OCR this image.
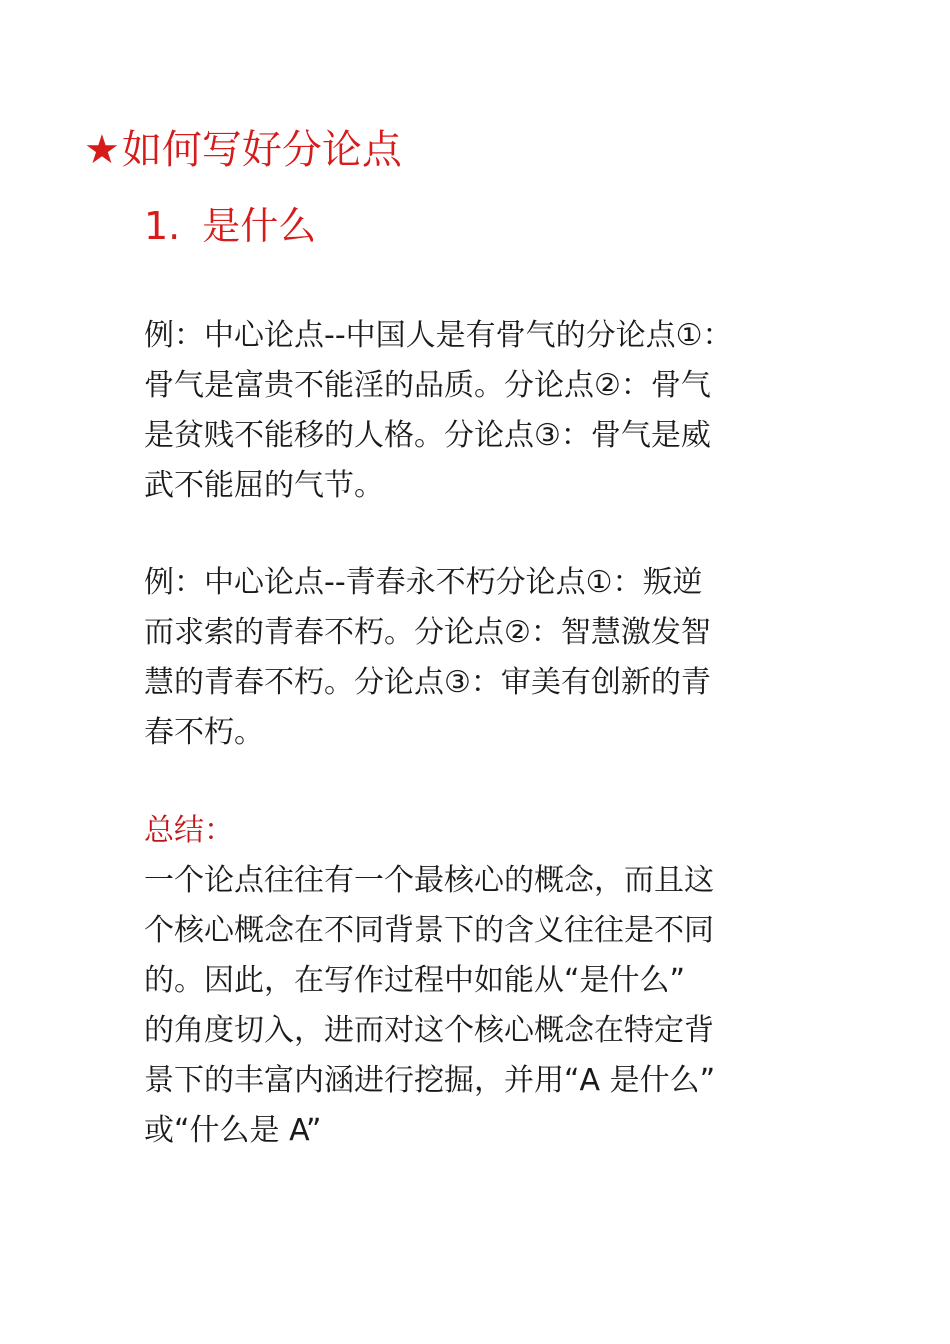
★如何写好分论点
1. 是什么
例：中心论点--中国人是有骨气的分论点①：
骨气是富贵不能淫的品质。分论点②：骨气
是贫贱不能移的人格。分论点③：骨气是威
武不能屈的气节。
例：中心论点--青春永不朽分论点①：叛逆
而求索的青春不朽。分论点②：智慧激发智
慧的青春不朽。分论点③：审美有创新的青
春不朽。
总结：
一个论点往往有一个最核心的概念，而且这
个核心概念在不同背景下的含义往往是不同
的。因此，在写作过程中如能从“是什么”
的角度切入，进而对这个核心概念在特定背
景下的丰富内涵进行挖掘，并用“A 是什么”
或“什么是 A”
